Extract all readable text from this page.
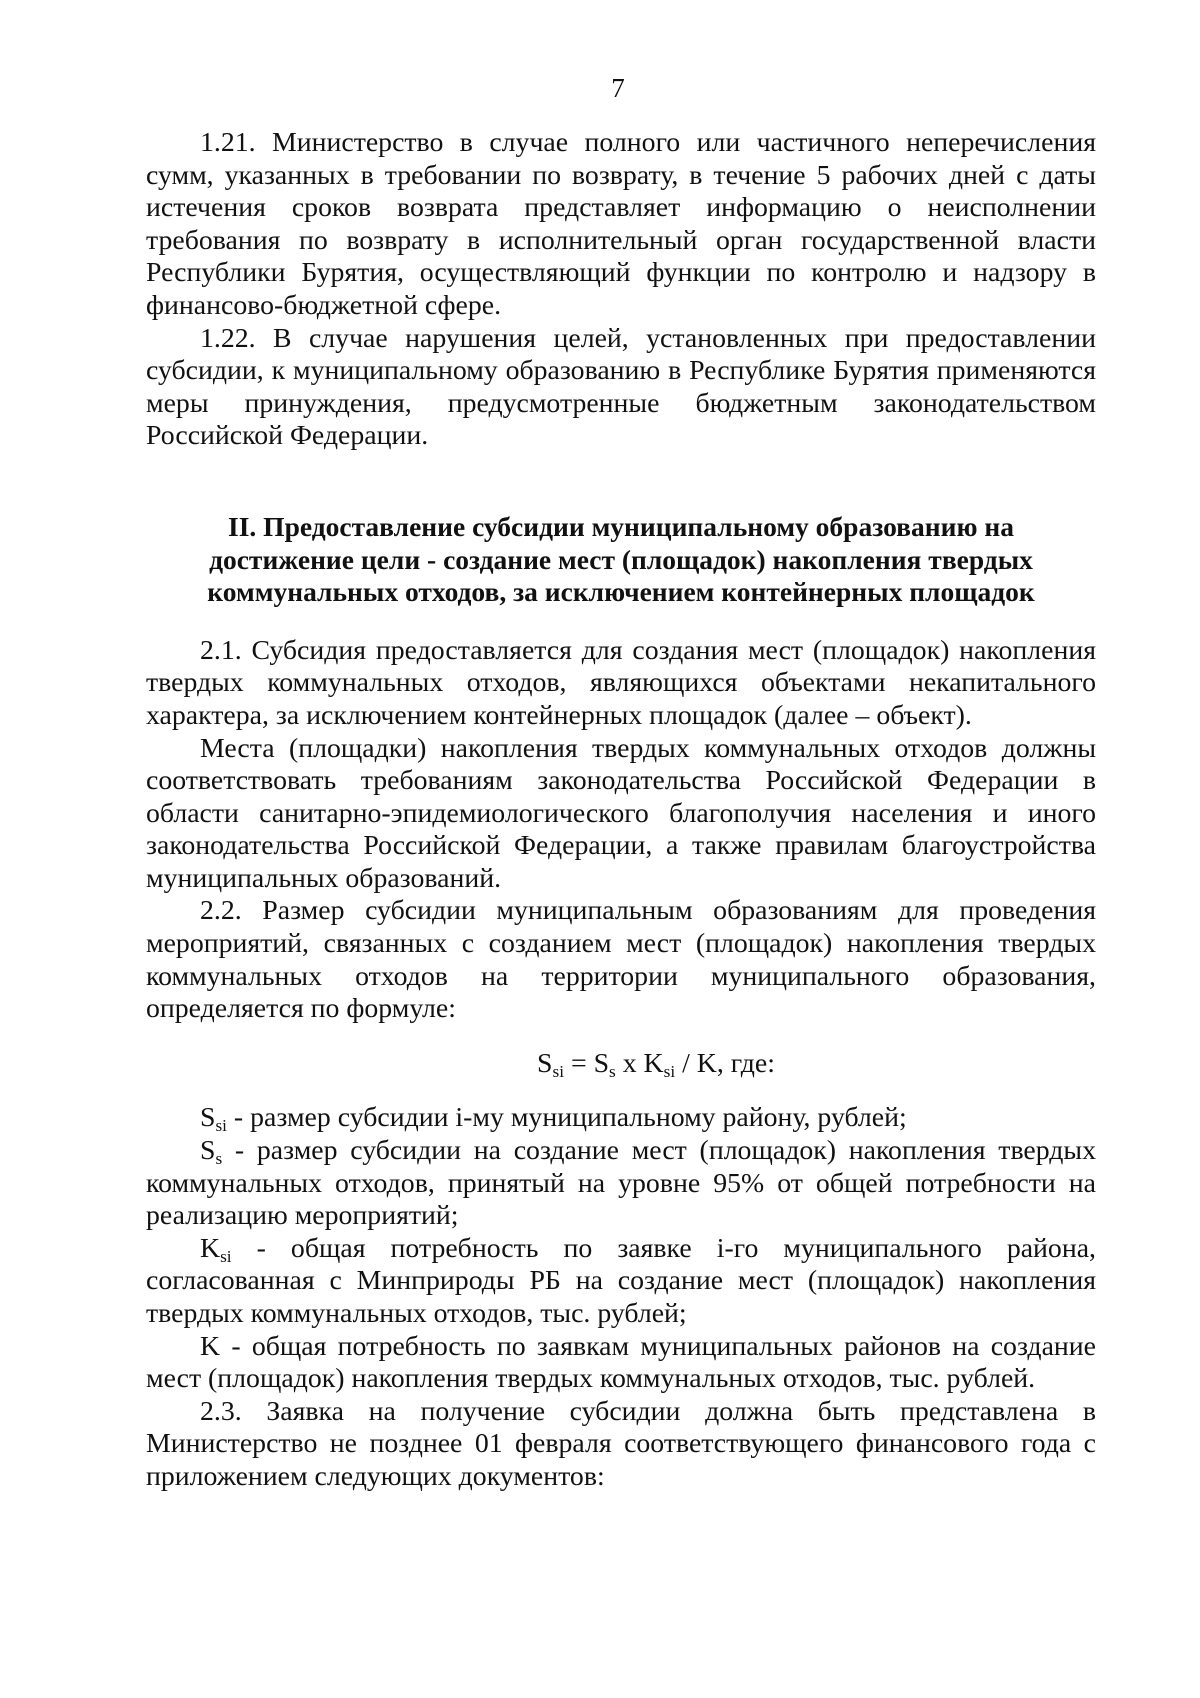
7

1.21. Министерство в случае полного или частичного неперечисления сумм, указанных в требовании по возврату, в течение 5 рабочих дней с даты истечения сроков возврата представляет информацию о неисполнении требования по возврату в исполнительный орган государственной власти Республики Бурятия, осуществляющий функции по контролю и надзору в финансово-бюджетной сфере.

1.22. В случае нарушения целей, установленных при предоставлении субсидии, к муниципальному образованию в Республике Бурятия применяются меры принуждения, предусмотренные бюджетным законодательством Российской Федерации.

II. Предоставление субсидии муниципальному образованию на достижение цели - создание мест (площадок) накопления твердых коммунальных отходов, за исключением контейнерных площадок

2.1. Субсидия предоставляется для создания мест (площадок) накопления твердых коммунальных отходов, являющихся объектами некапитального характера, за исключением контейнерных площадок (далее – объект).

Места (площадки) накопления твердых коммунальных отходов должны соответствовать требованиям законодательства Российской Федерации в области санитарно-эпидемиологического благополучия населения и иного законодательства Российской Федерации, а также правилам благоустройства муниципальных образований.

2.2. Размер субсидии муниципальным образованиям для проведения мероприятий, связанных с созданием мест (площадок) накопления твердых коммунальных отходов на территории муниципального образования, определяется по формуле:

$S_{si} = S_s$ x $K_{si}$ / K, где:

$S_{si}$ - размер субсидии i-му муниципальному району, рублей;

$S_s$ - размер субсидии на создание мест (площадок) накопления твердых коммунальных отходов, принятый на уровне 95% от общей потребности на реализацию мероприятий;

$K_{si}$ - общая потребность по заявке i-го муниципального района, согласованная с Минприроды РБ на создание мест (площадок) накопления твердых коммунальных отходов, тыс. рублей;

K - общая потребность по заявкам муниципальных районов на создание мест (площадок) накопления твердых коммунальных отходов, тыс. рублей.

2.3. Заявка на получение субсидии должна быть представлена в Министерство не позднее 01 февраля соответствующего финансового года с приложением следующих документов:
